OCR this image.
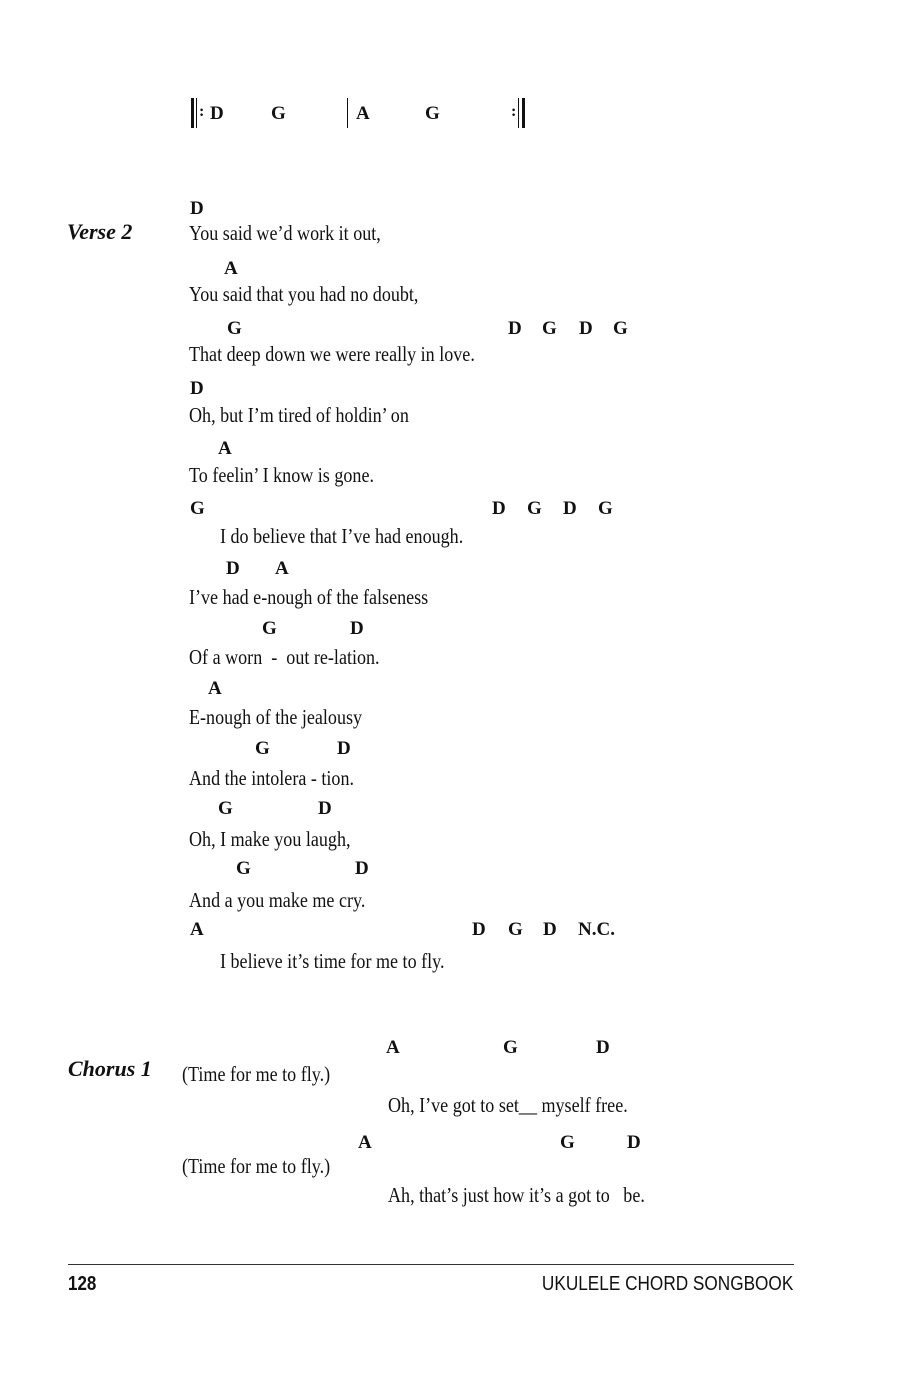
: D G	A	G	:
Verse 2
D
You said we’d work it out,
A
You said that you had no doubt,
G	D G D G
That deep down we were really in love.
D
Oh, but I’m tired of holdin’ on
A
To feelin’ I know is gone.
G	D G D G
I do believe that I’ve had enough.
D A
I’ve had e-nough of the falseness
G	D
Of a worn  -  out re-lation.
A
E-nough of the jealousy
G	D
And the intolera - tion.
G	D
Oh, I make you laugh,
G	D
And a you make me cry.
A	D G D N.C.
I believe it’s time for me to fly.
Chorus 1
A	G	D
(Time for me to fly.)
Oh, I’ve got to set__ myself free.
A	G	D
(Time for me to fly.)
Ah, that’s just how it’s a got to   be.
128	UKULELE CHORD SONGBOOK
